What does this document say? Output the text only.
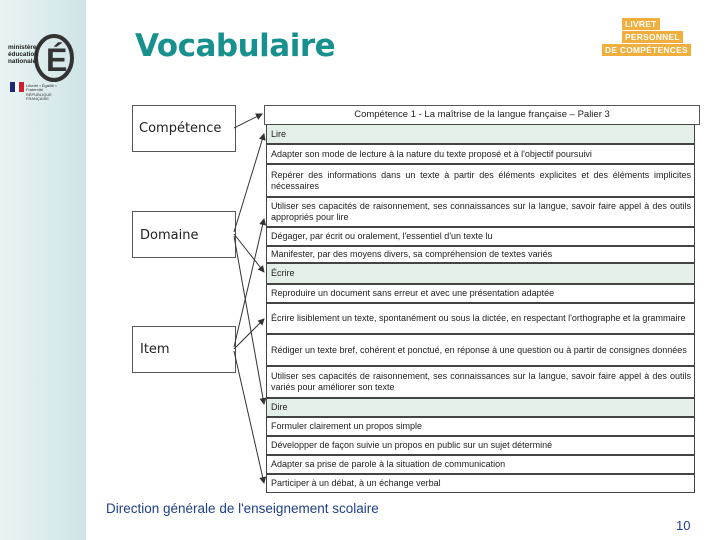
É
ministère
éducation
nationale
Liberté • Égalité • Fraternité RÉPUBLIQUE FRANÇAISE
Vocabulaire
LIVRET
PERSONNEL
DE COMPÉTENCES
Compétence
Domaine
Item
Compétence 1 - La maîtrise de la langue française – Palier 3
Lire
Adapter son mode de lecture à la nature du texte proposé et à l'objectif poursuivi
Repérer des informations dans un texte à partir des éléments explicites et des éléments implicites nécessaires
Utiliser ses capacités de raisonnement, ses connaissances sur la langue, savoir faire appel à des outils appropriés pour lire
Dégager, par écrit ou oralement, l'essentiel d'un texte lu
Manifester, par des moyens divers, sa compréhension de textes variés
Écrire
Reproduire un document sans erreur et avec une présentation adaptée
Écrire lisiblement un texte, spontanément ou sous la dictée, en respectant l'orthographe et la grammaire
Rédiger un texte bref, cohérent et ponctué, en réponse à une question ou à partir de consignes données
Utiliser ses capacités de raisonnement, ses connaissances sur la langue, savoir faire appel à des outils variés pour améliorer son texte
Dire
Formuler clairement un propos simple
Développer de façon suivie un propos en public sur un sujet déterminé
Adapter sa prise de parole à la situation de communication
Participer à un débat, à un échange verbal
Direction générale de l'enseignement scolaire
10
